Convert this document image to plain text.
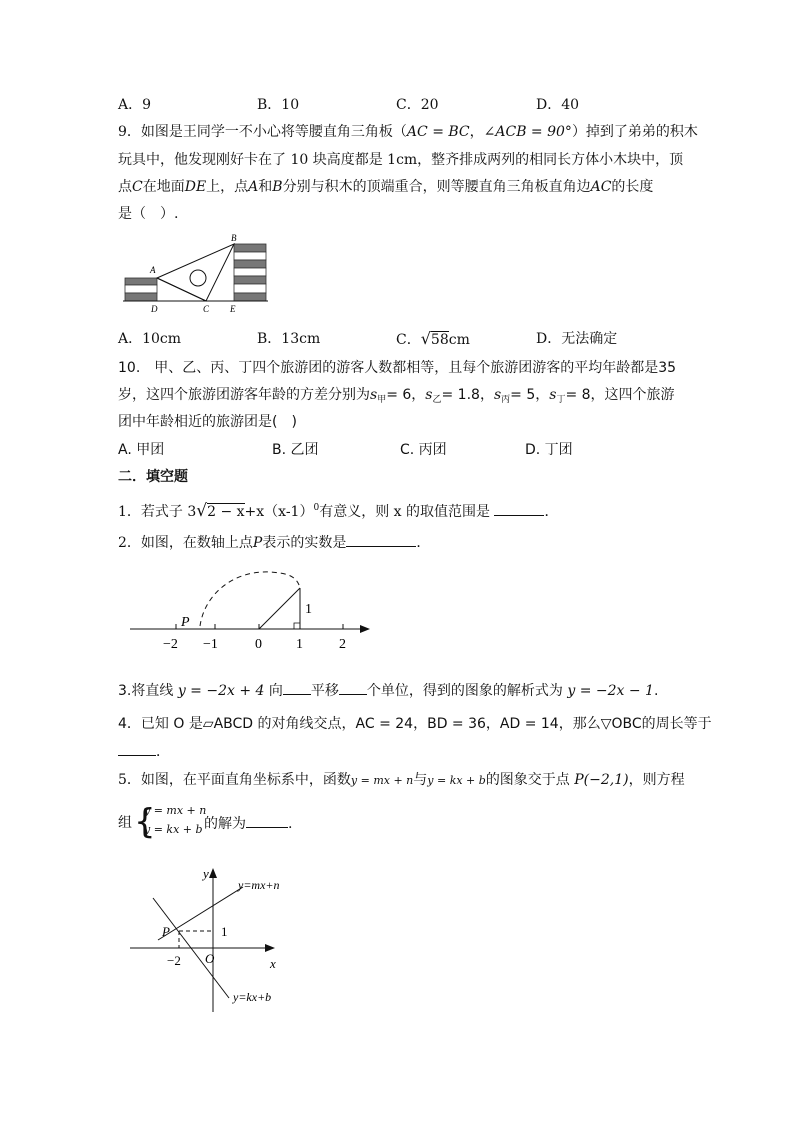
A．9	B．10	C．20	D．40
9．如图是王同学一不小心将等腰直角三角板（AC = BC，∠ACB = 90°）掉到了弟弟的积木
玩具中，他发现刚好卡在了 10 块高度都是 1cm，整齐排成两列的相同长方体小木块中，顶
点C在地面DE上，点A和B分别与积木的顶端重合，则等腰直角三角板直角边AC的长度
是（　）.
A
B
C
D	E
A．10cm	B．13cm	C．√58cm	D．无法确定
10.　甲、乙、丙、丁四个旅游团的游客人数都相等，且每个旅游团游客的平均年龄都是35
岁，这四个旅游团游客年龄的方差分别为$s_甲= 6$，$s_乙= 1.8$，$s_丙= 5$，$s_丁= 8$，这四个旅游
团中年龄相近的旅游团是(　)
A. 甲团	B. 乙团	C. 丙团	D. 丁团
二．填空题
1．若式子 $3√2 - x+x(x-1)^0$有意义，则 x 的取值范围是	．
2．如图，在数轴上点P表示的实数是	．
P
1
−2 −1	0 1	2
3.将直线 y = −2x + 4 向 平移 个单位，得到的图象的解析式为 y = −2x − 1.
4．已知 O 是▱ABCD 的对角线交点，AC = 24，BD = 36，AD = 14，那么▽OBC的周长等于
．
5．如图，在平面直角坐标系中，函数y = mx + n与y = kx + b的图象交于点 P(−2,1)，则方程
组 {
y = mx + n
y = kx + b 的解为	.
y
x
O
P	1
−2
y=mx+n
y=kx+b
